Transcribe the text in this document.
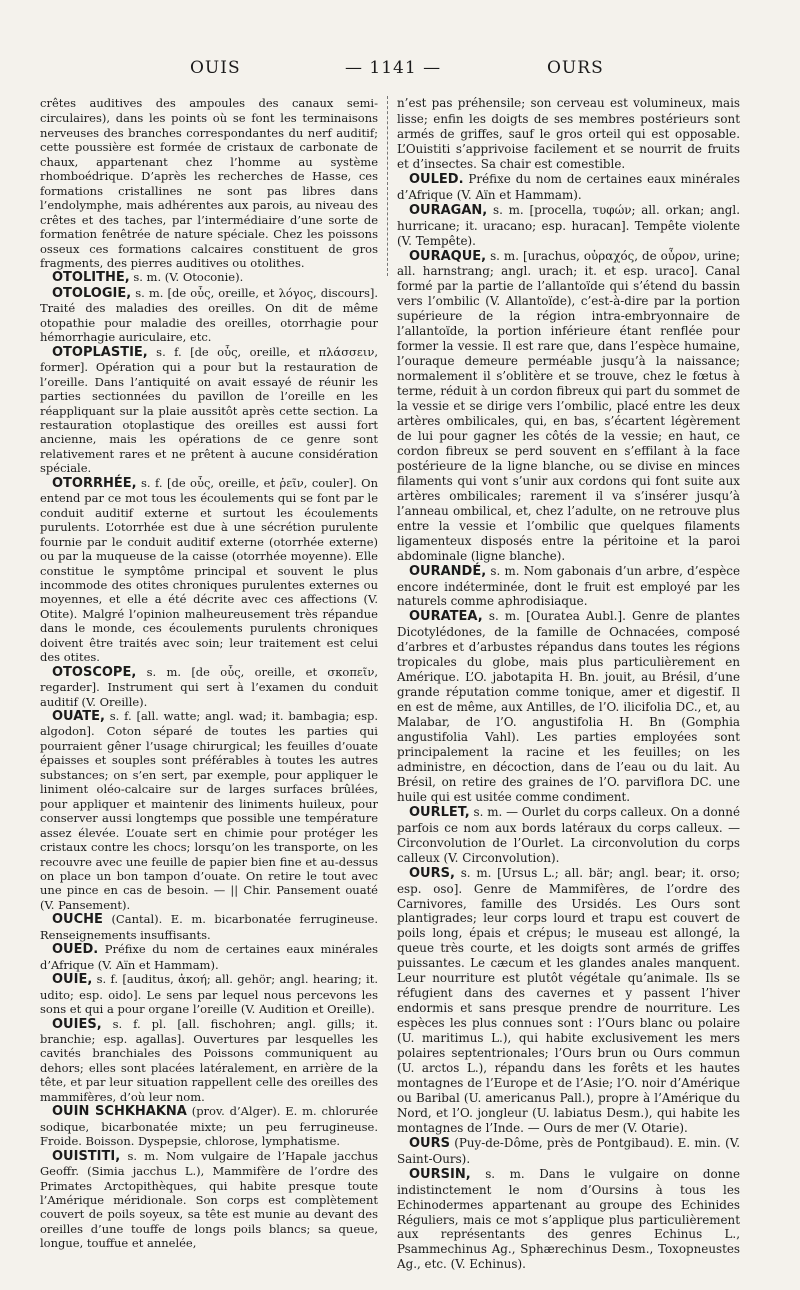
OUIS	— 1141 —	OURS

crêtes auditives des ampoules des canaux semi-circulaires), dans les points où se font les terminaisons nerveuses des branches correspondantes du nerf auditif; cette poussière est formée de cristaux de carbonate de chaux, appartenant chez l’homme au système rhomboédrique. D’après les recherches de Hasse, ces formations cristallines ne sont pas libres dans l’endolymphe, mais adhérentes aux parois, au niveau des crêtes et des taches, par l’intermédiaire d’une sorte de formation fenêtrée de nature spéciale. Chez les poissons osseux ces formations calcaires constituent de gros fragments, des pierres auditives ou otolithes.

OTOLITHE, s. m. (V. Otoconie).

OTOLOGIE, s. m. [de οὖς, oreille, et λόγος, discours]. Traité des maladies des oreilles. On dit de même otopathie pour maladie des oreilles, otorrhagie pour hémorrhagie auriculaire, etc.

OTOPLASTIE, s. f. [de οὖς, oreille, et πλάσσειν, former]. Opération qui a pour but la restauration de l’oreille. Dans l’antiquité on avait essayé de réunir les parties sectionnées du pavillon de l’oreille en les réappliquant sur la plaie aussitôt après cette section. La restauration otoplastique des oreilles est aussi fort ancienne, mais les opérations de ce genre sont relativement rares et ne prêtent à aucune considération spéciale.

OTORRHÉE, s. f. [de οὖς, oreille, et ῥεῖν, couler]. On entend par ce mot tous les écoulements qui se font par le conduit auditif externe et surtout les écoulements purulents. L’otorrhée est due à une sécrétion purulente fournie par le conduit auditif externe (otorrhée externe) ou par la muqueuse de la caisse (otorrhée moyenne). Elle constitue le symptôme principal et souvent le plus incommode des otites chroniques purulentes externes ou moyennes, et elle a été décrite avec ces affections (V. Otite). Malgré l’opinion malheureusement très répandue dans le monde, ces écoulements purulents chroniques doivent être traités avec soin; leur traitement est celui des otites.

OTOSCOPE, s. m. [de οὖς, oreille, et σκοπεῖν, regarder]. Instrument qui sert à l’examen du conduit auditif (V. Oreille).

OUATE, s. f. [all. watte; angl. wad; it. bambagia; esp. algodon]. Coton séparé de toutes les parties qui pourraient gêner l’usage chirurgical; les feuilles d’ouate épaisses et souples sont préférables à toutes les autres substances; on s’en sert, par exemple, pour appliquer le liniment oléo-calcaire sur de larges surfaces brûlées, pour appliquer et maintenir des liniments huileux, pour conserver aussi longtemps que possible une température assez élevée. L’ouate sert en chimie pour protéger les cristaux contre les chocs; lorsqu’on les transporte, on les recouvre avec une feuille de papier bien fine et au-dessus on place un bon tampon d’ouate. On retire le tout avec une pince en cas de besoin. — || Chir. Pansement ouaté (V. Pansement).

OUCHE (Cantal). E. m. bicarbonatée ferrugineuse. Renseignements insuffisants.

OUED. Préfixe du nom de certaines eaux minérales d’Afrique (V. Aïn et Hammam).

OUIE, s. f. [auditus, ἀκοή; all. gehör; angl. hearing; it. udito; esp. oido]. Le sens par lequel nous percevons les sons et qui a pour organe l’oreille (V. Audition et Oreille).

OUIES, s. f. pl. [all. fischohren; angl. gills; it. branchie; esp. agallas]. Ouvertures par lesquelles les cavités branchiales des Poissons communiquent au dehors; elles sont placées latéralement, en arrière de la tête, et par leur situation rappellent celle des oreilles des mammifères, d’où leur nom.

OUIN SCHKHAKNA (prov. d’Alger). E. m. chlorurée sodique, bicarbonatée mixte; un peu ferrugineuse. Froide. Boisson. Dyspepsie, chlorose, lymphatisme.

OUISTITI, s. m. Nom vulgaire de l’Hapale jacchus Geoffr. (Simia jacchus L.), Mammifère de l’ordre des Primates Arctopithèques, qui habite presque toute l’Amérique méridionale. Son corps est complètement couvert de poils soyeux, sa tête est munie au devant des oreilles d’une touffe de longs poils blancs; sa queue, longue, touffue et annelée,

n’est pas préhensile; son cerveau est volumineux, mais lisse; enfin les doigts de ses membres postérieurs sont armés de griffes, sauf le gros orteil qui est opposable. L’Ouistiti s’apprivoise facilement et se nourrit de fruits et d’insectes. Sa chair est comestible.

OULED. Préfixe du nom de certaines eaux minérales d’Afrique (V. Aïn et Hammam).

OURAGAN, s. m. [procella, τυφών; all. orkan; angl. hurricane; it. uracano; esp. huracan]. Tempête violente (V. Tempête).

OURAQUE, s. m. [urachus, οὐραχός, de οὖρον, urine; all. harnstrang; angl. urach; it. et esp. uraco]. Canal formé par la partie de l’allantoïde qui s’étend du bassin vers l’ombilic (V. Allantoïde), c’est-à-dire par la portion supérieure de la région intra-embryonnaire de l’allantoïde, la portion inférieure étant renflée pour former la vessie. Il est rare que, dans l’espèce humaine, l’ouraque demeure perméable jusqu’à la naissance; normalement il s’oblitère et se trouve, chez le fœtus à terme, réduit à un cordon fibreux qui part du sommet de la vessie et se dirige vers l’ombilic, placé entre les deux artères ombilicales, qui, en bas, s’écartent légèrement de lui pour gagner les côtés de la vessie; en haut, ce cordon fibreux se perd souvent en s’effilant à la face postérieure de la ligne blanche, ou se divise en minces filaments qui vont s’unir aux cordons qui font suite aux artères ombilicales; rarement il va s’insérer jusqu’à l’anneau ombilical, et, chez l’adulte, on ne retrouve plus entre la vessie et l’ombilic que quelques filaments ligamenteux disposés entre la péritoine et la paroi abdominale (ligne blanche).

OURANDÉ, s. m. Nom gabonais d’un arbre, d’espèce encore indéterminée, dont le fruit est employé par les naturels comme aphrodisiaque.

OURATEA, s. m. [Ouratea Aubl.]. Genre de plantes Dicotylédones, de la famille de Ochnacées, composé d’arbres et d’arbustes répandus dans toutes les régions tropicales du globe, mais plus particulièrement en Amérique. L’O. jabotapita H. Bn. jouit, au Brésil, d’une grande réputation comme tonique, amer et digestif. Il en est de même, aux Antilles, de l’O. ilicifolia DC., et, au Malabar, de l’O. angustifolia H. Bn (Gomphia angustifolia Vahl). Les parties employées sont principalement la racine et les feuilles; on les administre, en décoction, dans de l’eau ou du lait. Au Brésil, on retire des graines de l’O. parviflora DC. une huile qui est usitée comme condiment.

OURLET, s. m. — Ourlet du corps calleux. On a donné parfois ce nom aux bords latéraux du corps calleux. — Circonvolution de l’Ourlet. La circonvolution du corps calleux (V. Circonvolution).

OURS, s. m. [Ursus L.; all. bär; angl. bear; it. orso; esp. oso]. Genre de Mammifères, de l’ordre des Carnivores, famille des Ursidés. Les Ours sont plantigrades; leur corps lourd et trapu est couvert de poils long, épais et crépus; le museau est allongé, la queue très courte, et les doigts sont armés de griffes puissantes. Le cæcum et les glandes anales manquent. Leur nourriture est plutôt végétale qu’animale. Ils se réfugient dans des cavernes et y passent l’hiver endormis et sans presque prendre de nourriture. Les espèces les plus connues sont : l’Ours blanc ou polaire (U. maritimus L.), qui habite exclusivement les mers polaires septentrionales; l’Ours brun ou Ours commun (U. arctos L.), répandu dans les forêts et les hautes montagnes de l’Europe et de l’Asie; l’O. noir d’Amérique ou Baribal (U. americanus Pall.), propre à l’Amérique du Nord, et l’O. jongleur (U. labiatus Desm.), qui habite les montagnes de l’Inde. — Ours de mer (V. Otarie).

OURS (Puy-de-Dôme, près de Pontgibaud). E. min. (V. Saint-Ours).

OURSIN, s. m. Dans le vulgaire on donne indistinctement le nom d’Oursins à tous les Echinodermes appartenant au groupe des Echinides Réguliers, mais ce mot s’applique plus particulièrement aux représentants des genres Echinus L., Psammechinus Ag., Sphærechinus Desm., Toxopneustes Ag., etc. (V. Echinus).
